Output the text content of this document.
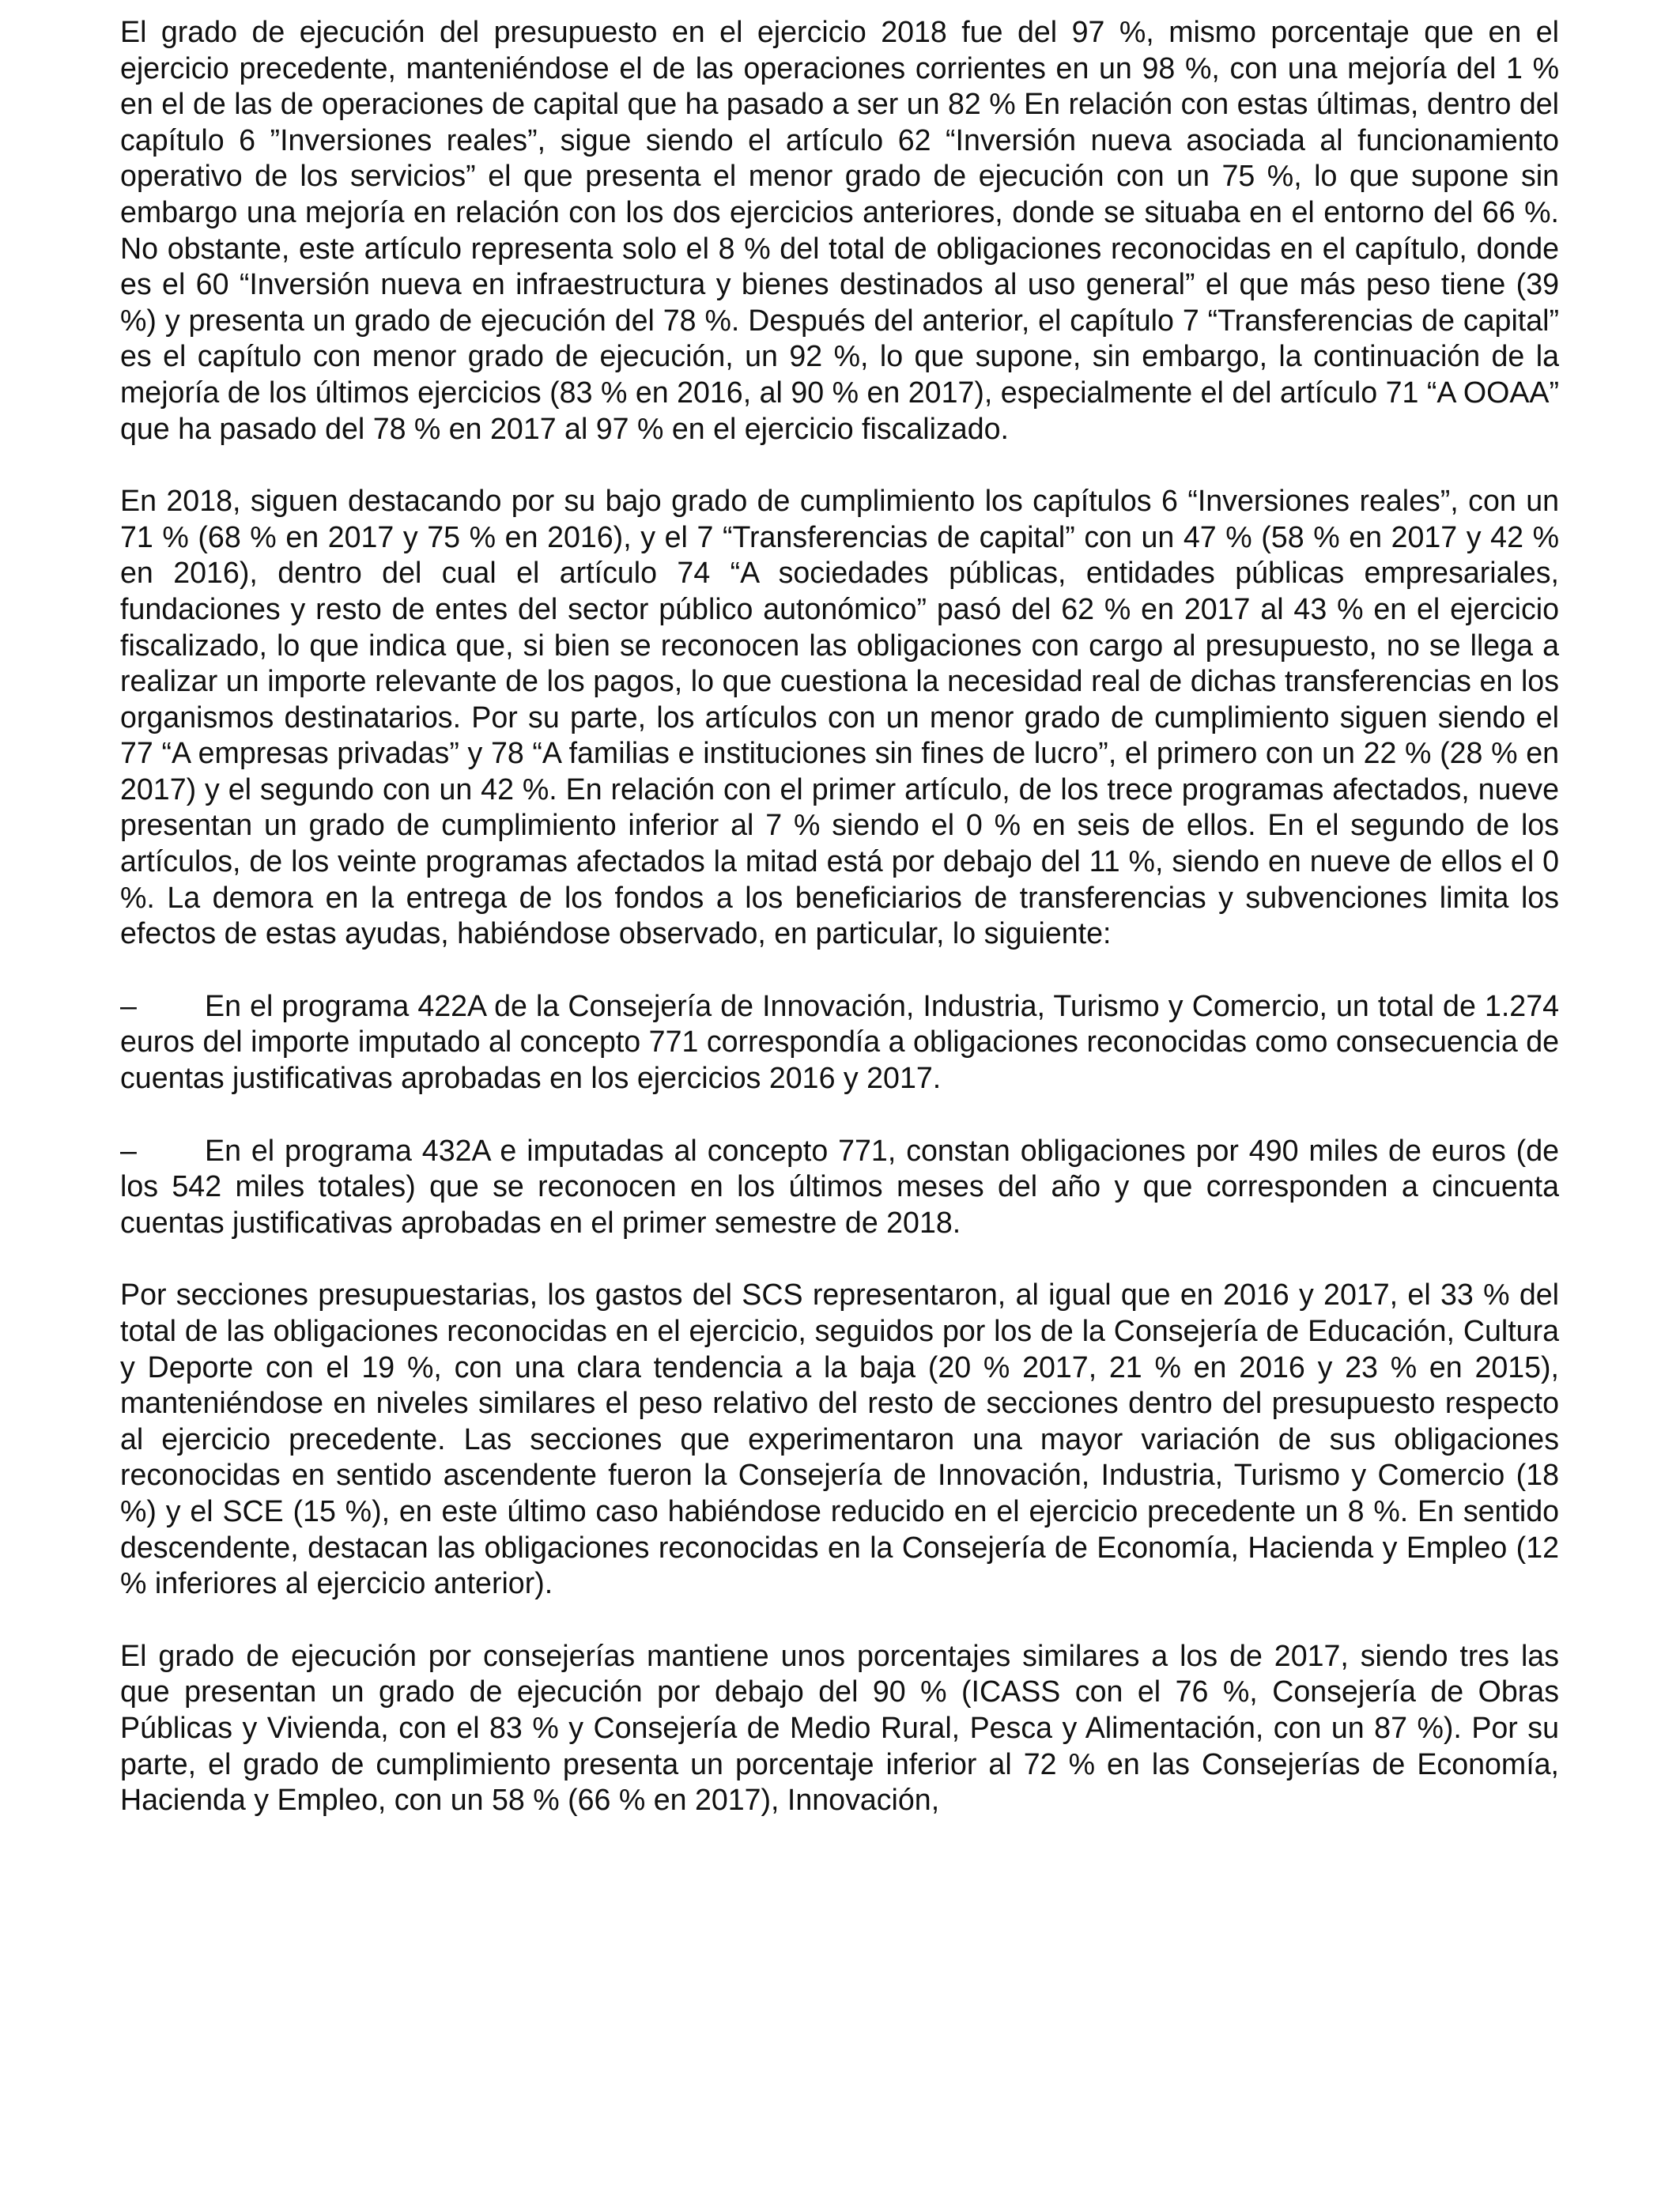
El grado de ejecución del presupuesto en el ejercicio 2018 fue del 97 %, mismo porcentaje que en el ejercicio precedente, manteniéndose el de las operaciones corrientes en un 98 %, con una mejoría del 1 % en el de las de operaciones de capital que ha pasado a ser un 82 % En relación con estas últimas, dentro del capítulo 6 ”Inversiones reales”, sigue siendo el artículo 62 “Inversión nueva asociada al funcionamiento operativo de los servicios” el que presenta el menor grado de ejecución con un 75 %, lo que supone sin embargo una mejoría en relación con los dos ejercicios anteriores, donde se situaba en el entorno del 66 %. No obstante, este artículo representa solo el 8 % del total de obligaciones reconocidas en el capítulo, donde es el 60 “Inversión nueva en infraestructura y bienes destinados al uso general” el que más peso tiene (39 %) y presenta un grado de ejecución del 78 %. Después del anterior, el capítulo 7 “Transferencias de capital” es el capítulo con menor grado de ejecución, un 92 %, lo que supone, sin embargo, la continuación de la mejoría de los últimos ejercicios (83 % en 2016, al 90 % en 2017), especialmente el del artículo 71 “A OOAA” que ha pasado del 78 % en 2017 al 97 % en el ejercicio fiscalizado.

En 2018, siguen destacando por su bajo grado de cumplimiento los capítulos 6 “Inversiones reales”, con un 71 % (68 % en 2017 y 75 % en 2016), y el 7 “Transferencias de capital” con un 47 % (58 % en 2017 y 42 % en 2016), dentro del cual el artículo 74 “A sociedades públicas, entidades públicas empresariales, fundaciones y resto de entes del sector público autonómico” pasó del 62 % en 2017 al 43 % en el ejercicio fiscalizado, lo que indica que, si bien se reconocen las obligaciones con cargo al presupuesto, no se llega a realizar un importe relevante de los pagos, lo que cuestiona la necesidad real de dichas transferencias en los organismos destinatarios. Por su parte, los artículos con un menor grado de cumplimiento siguen siendo el 77 “A empresas privadas” y 78 “A familias e instituciones sin fines de lucro”, el primero con un 22 % (28 % en 2017) y el segundo con un 42 %. En relación con el primer artículo, de los trece programas afectados, nueve presentan un grado de cumplimiento inferior al 7 % siendo el 0 % en seis de ellos. En el segundo de los artículos, de los veinte programas afectados la mitad está por debajo del 11 %, siendo en nueve de ellos el 0 %. La demora en la entrega de los fondos a los beneficiarios de transferencias y subvenciones limita los efectos de estas ayudas, habiéndose observado, en particular, lo siguiente:

–	En el programa 422A de la Consejería de Innovación, Industria, Turismo y Comercio, un total de 1.274 euros del importe imputado al concepto 771 correspondía a obligaciones reconocidas como consecuencia de cuentas justificativas aprobadas en los ejercicios 2016 y 2017.
–	En el programa 432A e imputadas al concepto 771, constan obligaciones por 490 miles de euros (de los 542 miles totales) que se reconocen en los últimos meses del año y que corresponden a cincuenta cuentas justificativas aprobadas en el primer semestre de 2018.

Por secciones presupuestarias, los gastos del SCS representaron, al igual que en 2016 y 2017, el 33 % del total de las obligaciones reconocidas en el ejercicio, seguidos por los de la Consejería de Educación, Cultura y Deporte con el 19 %, con una clara tendencia a la baja (20 % 2017, 21 % en 2016 y 23 % en 2015), manteniéndose en niveles similares el peso relativo del resto de secciones dentro del presupuesto respecto al ejercicio precedente. Las secciones que experimentaron una mayor variación de sus obligaciones reconocidas en sentido ascendente fueron la Consejería de Innovación, Industria, Turismo y Comercio (18 %) y el SCE (15 %), en este último caso habiéndose reducido en el ejercicio precedente un 8 %. En sentido descendente, destacan las obligaciones reconocidas en la Consejería de Economía, Hacienda y Empleo (12 % inferiores al ejercicio anterior).

El grado de ejecución por consejerías mantiene unos porcentajes similares a los de 2017, siendo tres las que presentan un grado de ejecución por debajo del 90 % (ICASS con el 76 %, Consejería de Obras Públicas y Vivienda, con el 83 % y Consejería de Medio Rural, Pesca y Alimentación, con un 87 %). Por su parte, el grado de cumplimiento presenta un porcentaje inferior al 72 % en las Consejerías de Economía, Hacienda y Empleo, con un 58 % (66 % en 2017), Innovación,
